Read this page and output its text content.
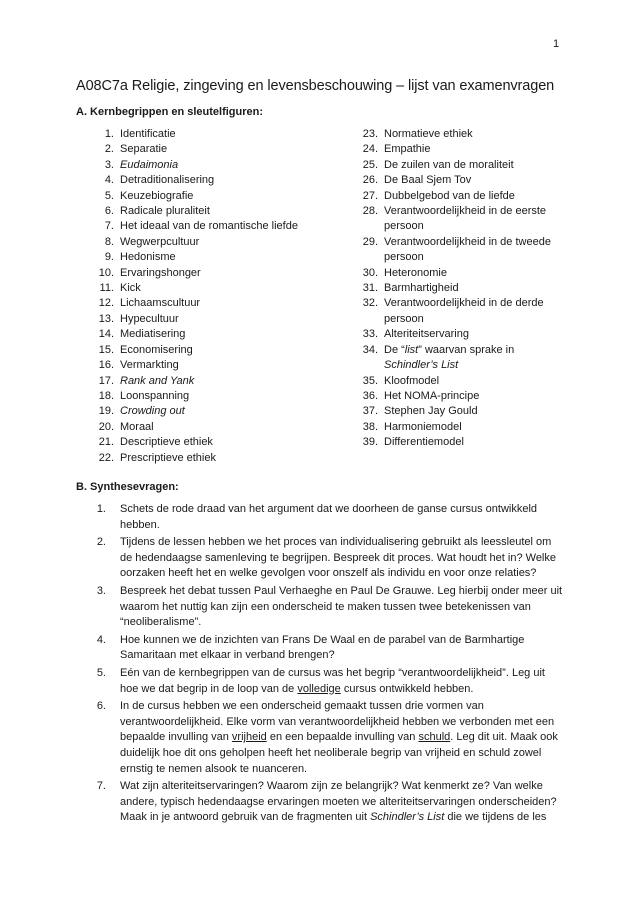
1
A08C7a Religie, zingeving en levensbeschouwing – lijst van examenvragen
A. Kernbegrippen en sleutelfiguren:
1. Identificatie
2. Separatie
3. Eudaimonia
4. Detraditionalisering
5. Keuzebiografie
6. Radicale pluraliteit
7. Het ideaal van de romantische liefde
8. Wegwerpcultuur
9. Hedonisme
10. Ervaringshonger
11. Kick
12. Lichaamscultuur
13. Hypecultuur
14. Mediatisering
15. Economisering
16. Vermarkting
17. Rank and Yank
18. Loonspanning
19. Crowding out
20. Moraal
21. Descriptieve ethiek
22. Prescriptieve ethiek
23. Normatieve ethiek
24. Empathie
25. De zuilen van de moraliteit
26. De Baal Sjem Tov
27. Dubbelgebod van de liefde
28. Verantwoordelijkheid in de eerste persoon
29. Verantwoordelijkheid in de tweede persoon
30. Heteronomie
31. Barmhartigheid
32. Verantwoordelijkheid in de derde persoon
33. Alteriteitservaring
34. De “list” waarvan sprake in Schindler’s List
35. Kloofmodel
36. Het NOMA-principe
37. Stephen Jay Gould
38. Harmoniemodel
39. Differentiemodel
B. Synthesevragen:
1. Schets de rode draad van het argument dat we doorheen de ganse cursus ontwikkeld hebben.
2. Tijdens de lessen hebben we het proces van individualisering gebruikt als leessleutel om de hedendaagse samenleving te begrijpen. Bespreek dit proces. Wat houdt het in? Welke oorzaken heeft het en welke gevolgen voor onszelf als individu en voor onze relaties?
3. Bespreek het debat tussen Paul Verhaeghe en Paul De Grauwe. Leg hierbij onder meer uit waarom het nuttig kan zijn een onderscheid te maken tussen twee betekenissen van “neoliberalisme”.
4. Hoe kunnen we de inzichten van Frans De Waal en de parabel van de Barmhartige Samaritaan met elkaar in verband brengen?
5. Eén van de kernbegrippen van de cursus was het begrip “verantwoordelijkheid”. Leg uit hoe we dat begrip in de loop van de volledige cursus ontwikkeld hebben.
6. In de cursus hebben we een onderscheid gemaakt tussen drie vormen van verantwoordelijkheid. Elke vorm van verantwoordelijkheid hebben we verbonden met een bepaalde invulling van vrijheid en een bepaalde invulling van schuld. Leg dit uit. Maak ook duidelijk hoe dit ons geholpen heeft het neoliberale begrip van vrijheid en schuld zowel ernstig te nemen alsook te nuanceren.
7. Wat zijn alteriteitservaringen? Waarom zijn ze belangrijk? Wat kenmerkt ze? Van welke andere, typisch hedendaagse ervaringen moeten we alteriteitservaringen onderscheiden? Maak in je antwoord gebruik van de fragmenten uit Schindler’s List die we tijdens de les
